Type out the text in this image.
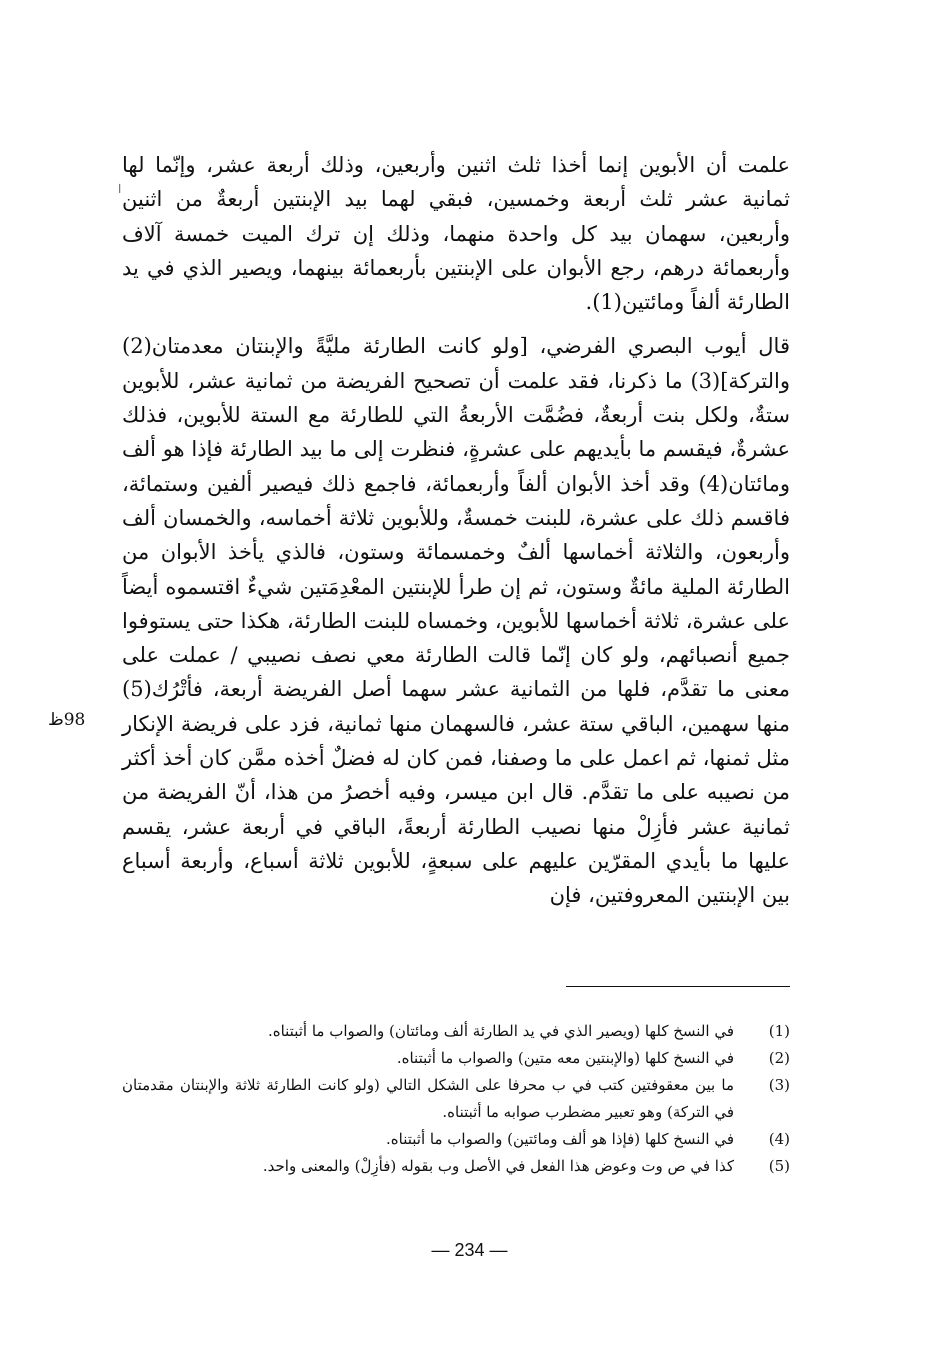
ا

علمت أن الأبوين إنما أخذا ثلث اثنين وأربعين، وذلك أربعة عشر، وإنّما لها ثمانية عشر ثلث أربعة وخمسين، فبقي لهما بيد الإبنتين أربعةٌ من اثنين وأربعين، سهمان بيد كل واحدة منهما، وذلك إن ترك الميت خمسة آلاف وأربعمائة درهم، رجع الأبوان على الإبنتين بأربعمائة بينهما، ويصير الذي في يد الطارئة ألفاً ومائتين(1).

قال أيوب البصري الفرضي، [ولو كانت الطارئة مليَّةً والإبنتان معدمتان(2) والتركة](3) ما ذكرنا، فقد علمت أن تصحيح الفريضة من ثمانية عشر، للأبوين ستةٌ، ولكل بنت أربعةٌ، فضُمَّت الأربعةُ التي للطارئة مع الستة للأبوين، فذلك عشرةٌ، فيقسم ما بأيديهم على عشرةٍ، فنظرت إلى ما بيد الطارئة فإذا هو ألف ومائتان(4) وقد أخذ الأبوان ألفاً وأربعمائة، فاجمع ذلك فيصير ألفين وستمائة، فاقسم ذلك على عشرة، للبنت خمسةٌ، وللأبوين ثلاثة أخماسه، والخمسان ألف وأربعون، والثلاثة أخماسها ألفٌ وخمسمائة وستون، فالذي يأخذ الأبوان من الطارئة الملية مائةٌ وستون، ثم إن طرأ للإبنتين المعْدِمَتين شيءٌ اقتسموه أيضاً على عشرة، ثلاثة أخماسها للأبوين، وخمساه للبنت الطارئة، هكذا حتى يستوفوا جميع أنصبائهم، ولو كان إنّما قالت الطارئة معي نصف نصيبي / عملت على معنى ما تقدَّم، فلها من الثمانية عشر سهما أصل الفريضة أربعة، فأتْرُك(5) منها سهمين، الباقي ستة عشر، فالسهمان منها ثمانية، فزد على فريضة الإنكار مثل ثمنها، ثم اعمل على ما وصفنا، فمن كان له فضلٌ أخذه ممَّن كان أخذ أكثر من نصيبه على ما تقدَّم. قال ابن ميسر، وفيه أخصرُ من هذا، أنّ الفريضة من ثمانية عشر فأزِلْ منها نصيب الطارئة أربعةً، الباقي في أربعة عشر، يقسم عليها ما بأيدي المقرّين عليهم على سبعةٍ، للأبوين ثلاثة أسباع، وأربعة أسباع بين الإبنتين المعروفتين، فإن

98ظ
(1)
في النسخ كلها (ويصير الذي في يد الطارئة ألف ومائتان) والصواب ما أثبتناه.
(2)
في النسخ كلها (والإبنتين معه متين) والصواب ما أثبتناه.
(3)
ما بين معقوفتين كتب في ب محرفا على الشكل التالي (ولو كانت الطارئة ثلاثة والإبنتان مقدمتان في التركة) وهو تعبير مضطرب صوابه ما أثبتناه.
(4)
في النسخ كلها (فإذا هو ألف ومائتين) والصواب ما أثبتناه.
(5)
كذا في ص وت وعوض هذا الفعل في الأصل وب بقوله (فأزِلْ) والمعنى واحد.
— 234 —
